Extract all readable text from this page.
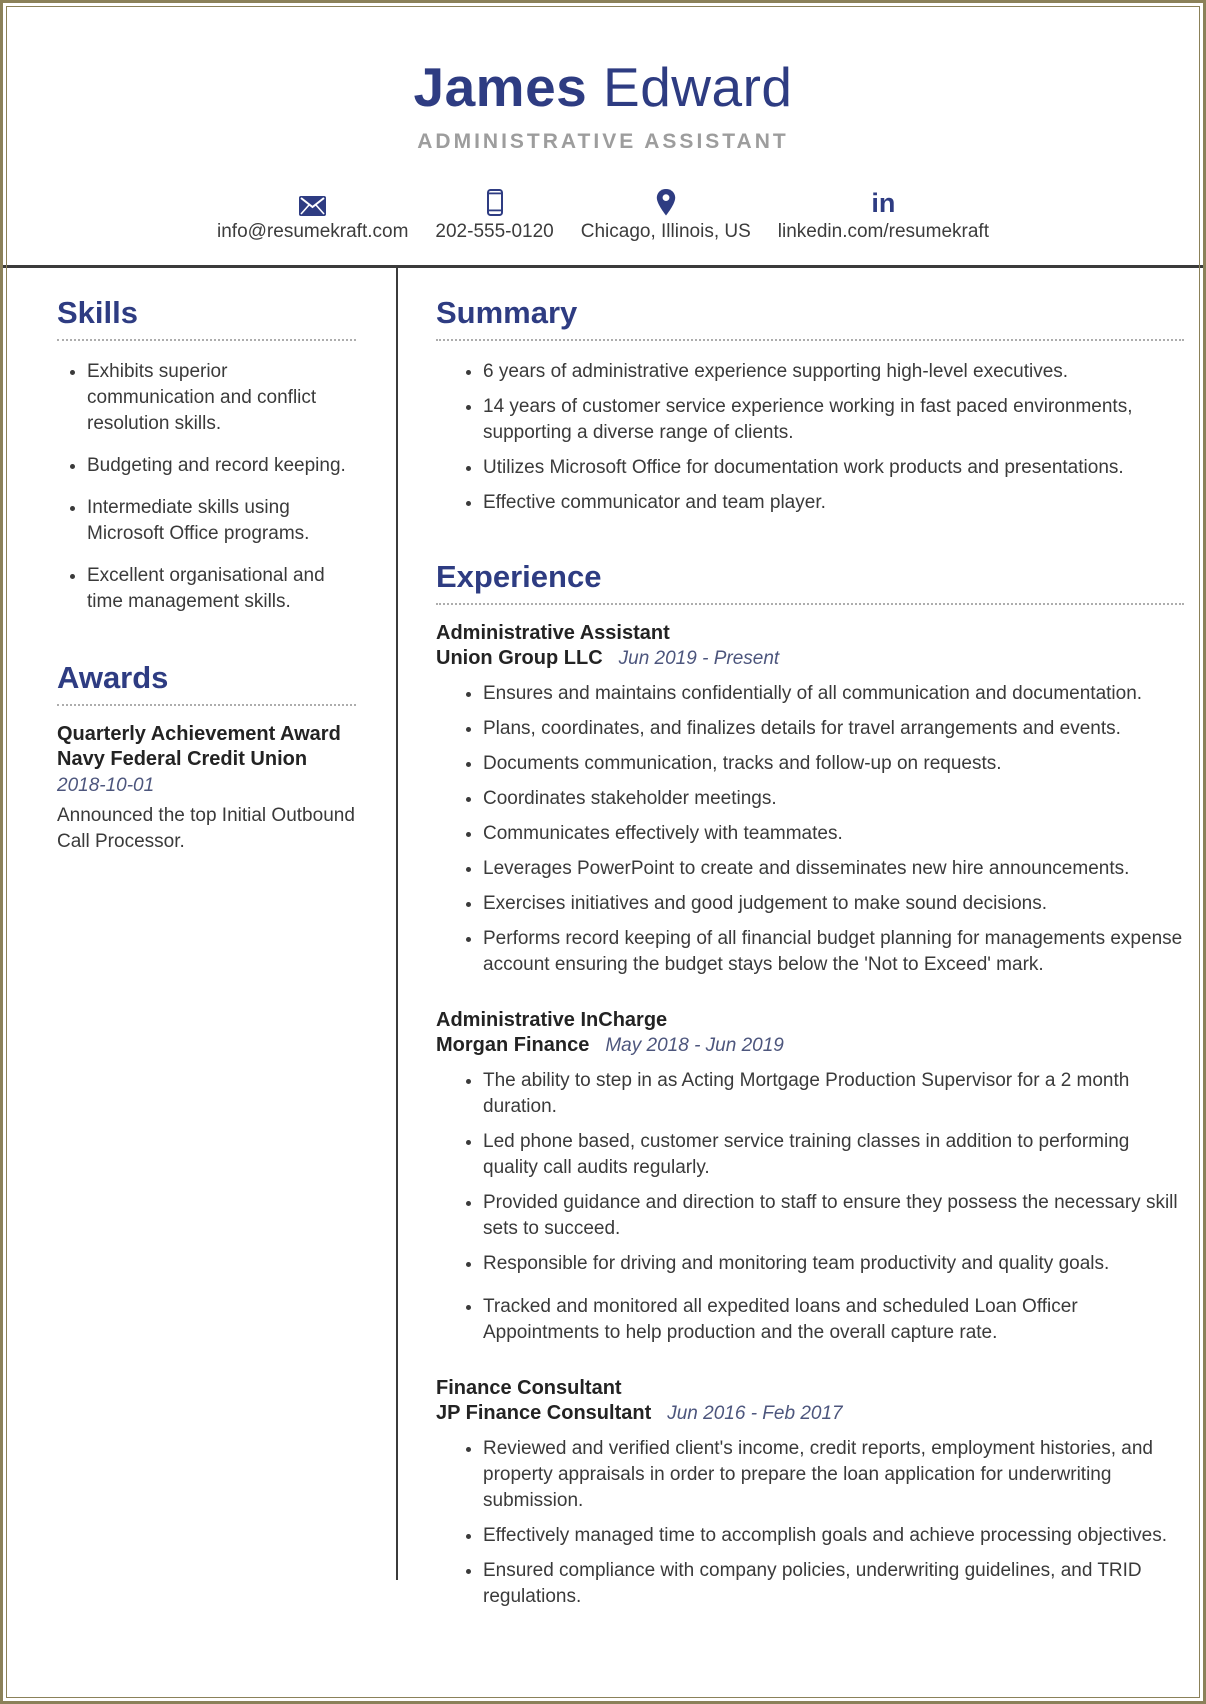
James Edward
ADMINISTRATIVE ASSISTANT
info@resumekraft.com 202-555-0120 Chicago, Illinois, US
in
linkedin.com/resumekraft
Skills
• Exhibits superior communication and conflict resolution skills.
• Budgeting and record keeping.
• Intermediate skills using Microsoft Office programs.
• Excellent organisational and time management skills.
Awards
Quarterly Achievement Award
Navy Federal Credit Union
2018-10-01
Announced the top Initial Outbound Call Processor.
Summary
• 6 years of administrative experience supporting high-level executives.
• 14 years of customer service experience working in fast paced environments, supporting a diverse range of clients.
• Utilizes Microsoft Office for documentation work products and presentations.
• Effective communicator and team player.
Experience
Administrative Assistant
Union Group LLC Jun 2019 - Present
• Ensures and maintains confidentially of all communication and documentation.
• Plans, coordinates, and finalizes details for travel arrangements and events.
• Documents communication, tracks and follow-up on requests.
• Coordinates stakeholder meetings.
• Communicates effectively with teammates.
• Leverages PowerPoint to create and disseminates new hire announcements.
• Exercises initiatives and good judgement to make sound decisions.
• Performs record keeping of all financial budget planning for managements expense account ensuring the budget stays below the 'Not to Exceed' mark.
Administrative InCharge
Morgan Finance May 2018 - Jun 2019
• The ability to step in as Acting Mortgage Production Supervisor for a 2 month duration.
• Led phone based, customer service training classes in addition to performing quality call audits regularly.
• Provided guidance and direction to staff to ensure they possess the necessary skill sets to succeed.
• Responsible for driving and monitoring team productivity and quality goals.
• Tracked and monitored all expedited loans and scheduled Loan Officer Appointments to help production and the overall capture rate.
Finance Consultant
JP Finance Consultant Jun 2016 - Feb 2017
• Reviewed and verified client's income, credit reports, employment histories, and property appraisals in order to prepare the loan application for underwriting submission.
• Effectively managed time to accomplish goals and achieve processing objectives.
• Ensured compliance with company policies, underwriting guidelines, and TRID regulations.
